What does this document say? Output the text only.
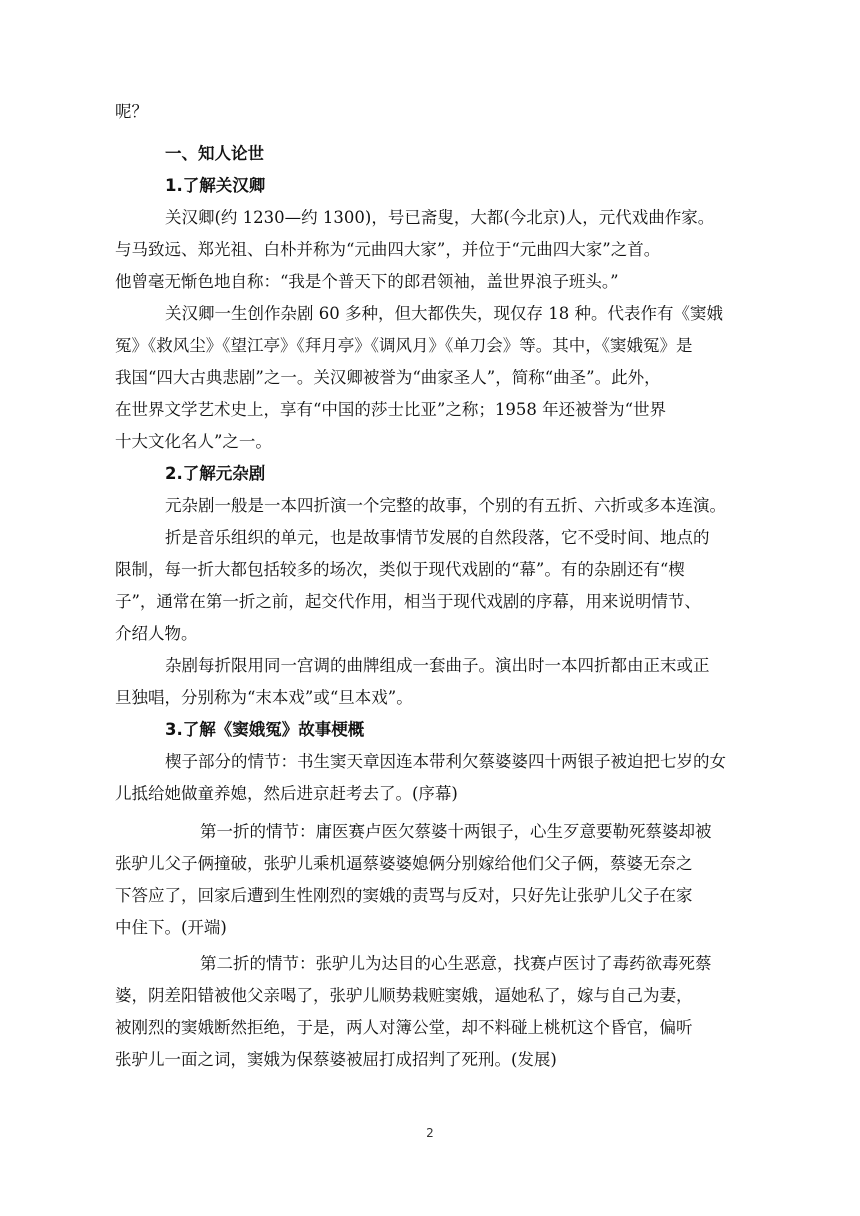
呢？
一、知人论世
1.了解关汉卿
关汉卿(约 1230—约 1300)，号已斋叟，大都(今北京)人，元代戏曲作家。
与马致远、郑光祖、白朴并称为“元曲四大家”，并位于“元曲四大家”之首。
他曾毫无惭色地自称：“我是个普天下的郎君领袖，盖世界浪子班头。”
关汉卿一生创作杂剧 60 多种，但大都佚失，现仅存 18 种。代表作有《窦娥
冤》《救风尘》《望江亭》《拜月亭》《调风月》《单刀会》等。其中，《窦娥冤》是
我国“四大古典悲剧”之一。关汉卿被誉为“曲家圣人”，简称“曲圣”。此外，
在世界文学艺术史上，享有“中国的莎士比亚”之称；1958 年还被誉为“世界
十大文化名人”之一。
2.了解元杂剧
元杂剧一般是一本四折演一个完整的故事，个别的有五折、六折或多本连演。
折是音乐组织的单元，也是故事情节发展的自然段落，它不受时间、地点的
限制，每一折大都包括较多的场次，类似于现代戏剧的“幕”。有的杂剧还有“楔
子”，通常在第一折之前，起交代作用，相当于现代戏剧的序幕，用来说明情节、
介绍人物。
杂剧每折限用同一宫调的曲牌组成一套曲子。演出时一本四折都由正末或正
旦独唱，分别称为“末本戏”或“旦本戏”。
3.了解《窦娥冤》故事梗概
楔子部分的情节：书生窦天章因连本带利欠蔡婆婆四十两银子被迫把七岁的女
儿抵给她做童养媳，然后进京赶考去了。(序幕)
第一折的情节：庸医赛卢医欠蔡婆十两银子，心生歹意要勒死蔡婆却被
张驴儿父子俩撞破，张驴儿乘机逼蔡婆婆媳俩分别嫁给他们父子俩，蔡婆无奈之
下答应了，回家后遭到生性刚烈的窦娥的责骂与反对，只好先让张驴儿父子在家
中住下。(开端)
第二折的情节：张驴儿为达目的心生恶意，找赛卢医讨了毒药欲毒死蔡
婆，阴差阳错被他父亲喝了，张驴儿顺势栽赃窦娥，逼她私了，嫁与自己为妻，
被刚烈的窦娥断然拒绝，于是，两人对簿公堂，却不料碰上桃杌这个昏官，偏听
张驴儿一面之词，窦娥为保蔡婆被屈打成招判了死刑。(发展)
2
